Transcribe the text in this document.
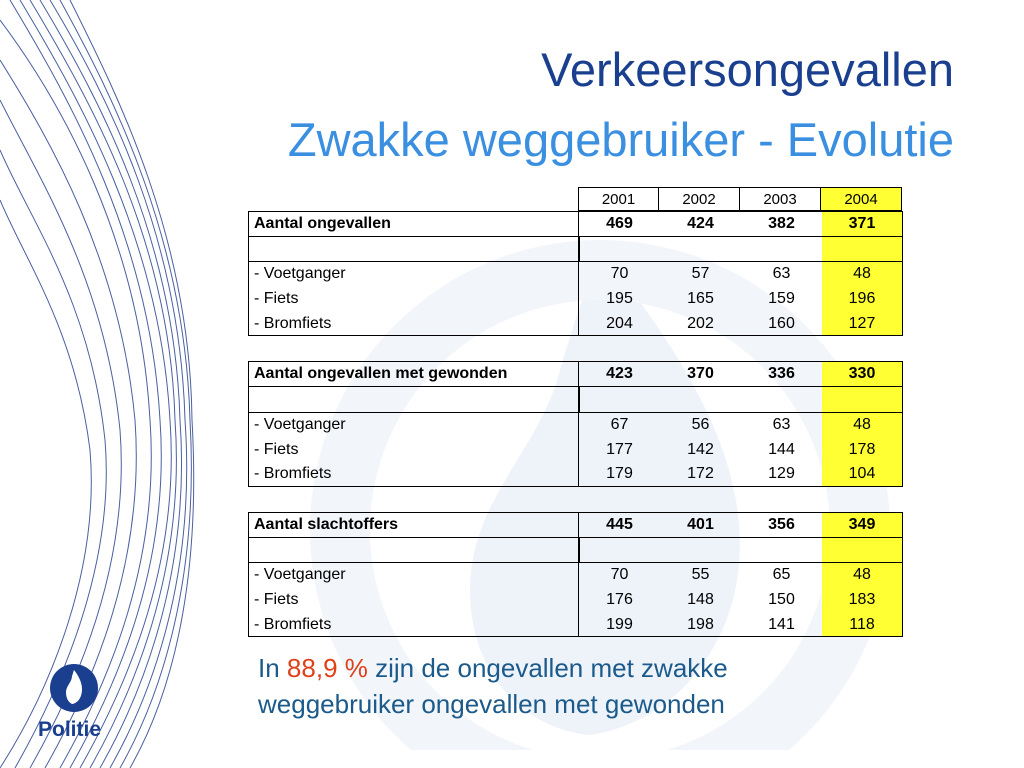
Verkeersongevallen
Zwakke weggebruiker - Evolutie
2001	2002	2003	2004
Aantal ongevallen	469	424	382	371
- Voetganger	70	57	63	48
- Fiets	195	165	159	196
- Bromfiets	204	202	160	127
Aantal ongevallen met gewonden	423	370	336	330
- Voetganger	67	56	63	48
- Fiets	177	142	144	178
- Bromfiets	179	172	129	104
Aantal slachtoffers	445	401	356	349
- Voetganger	70	55	65	48
- Fiets	176	148	150	183
- Bromfiets	199	198	141	118
In 88,9 % zijn de ongevallen met zwakke
weggebruiker ongevallen met gewonden
Politie
